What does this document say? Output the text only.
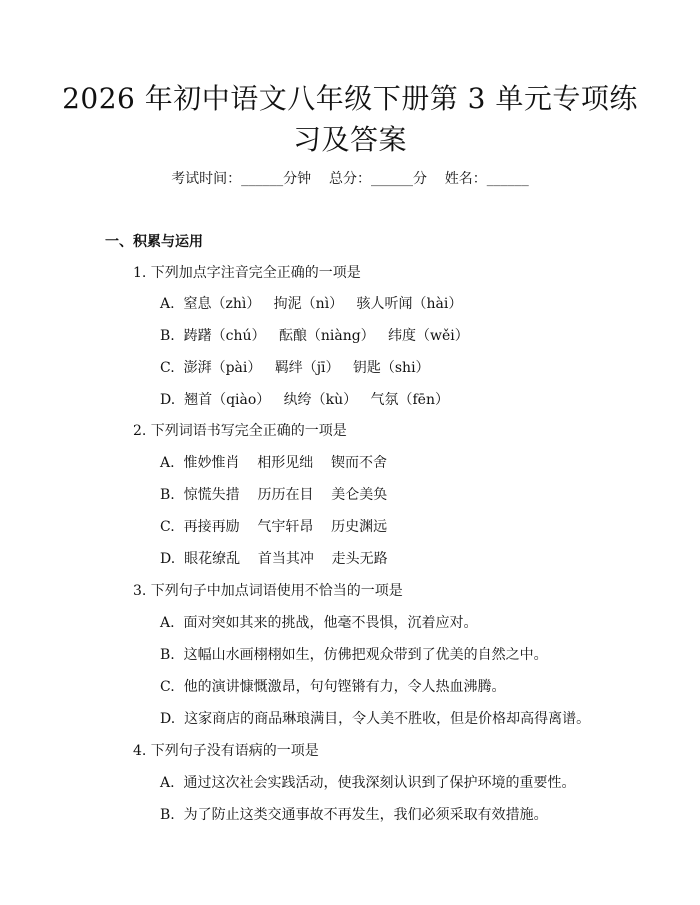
2026 年初中语文八年级下册第 3 单元专项练习及答案
考试时间：______分钟    总分：______分    姓名：______
一、积累与运用
1. 下列加点字注音完全正确的一项是
A.  窒息（zhì）   拘泥（nì）   骇人听闻（hài）
B.  踌躇（chú）   酝酿（niàng）   纬度（wěi）
C.  澎湃（pài）   羁绊（jī）   钥匙（shi）
D.  翘首（qiào）   纨绔（kù）   气氛（fēn）
2. 下列词语书写完全正确的一项是
A.  惟妙惟肖    相形见绌    锲而不舍
B.  惊慌失措    历历在目    美仑美奂
C.  再接再励    气宇轩昂    历史渊远
D.  眼花缭乱    首当其冲    走头无路
3. 下列句子中加点词语使用不恰当的一项是
A.  面对突如其来的挑战，他毫不畏惧，沉着应对。
B.  这幅山水画栩栩如生，仿佛把观众带到了优美的自然之中。
C.  他的演讲慷慨激昂，句句铿锵有力，令人热血沸腾。
D.  这家商店的商品琳琅满目，令人美不胜收，但是价格却高得离谱。
4. 下列句子没有语病的一项是
A.  通过这次社会实践活动，使我深刻认识到了保护环境的重要性。
B.  为了防止这类交通事故不再发生，我们必须采取有效措施。
